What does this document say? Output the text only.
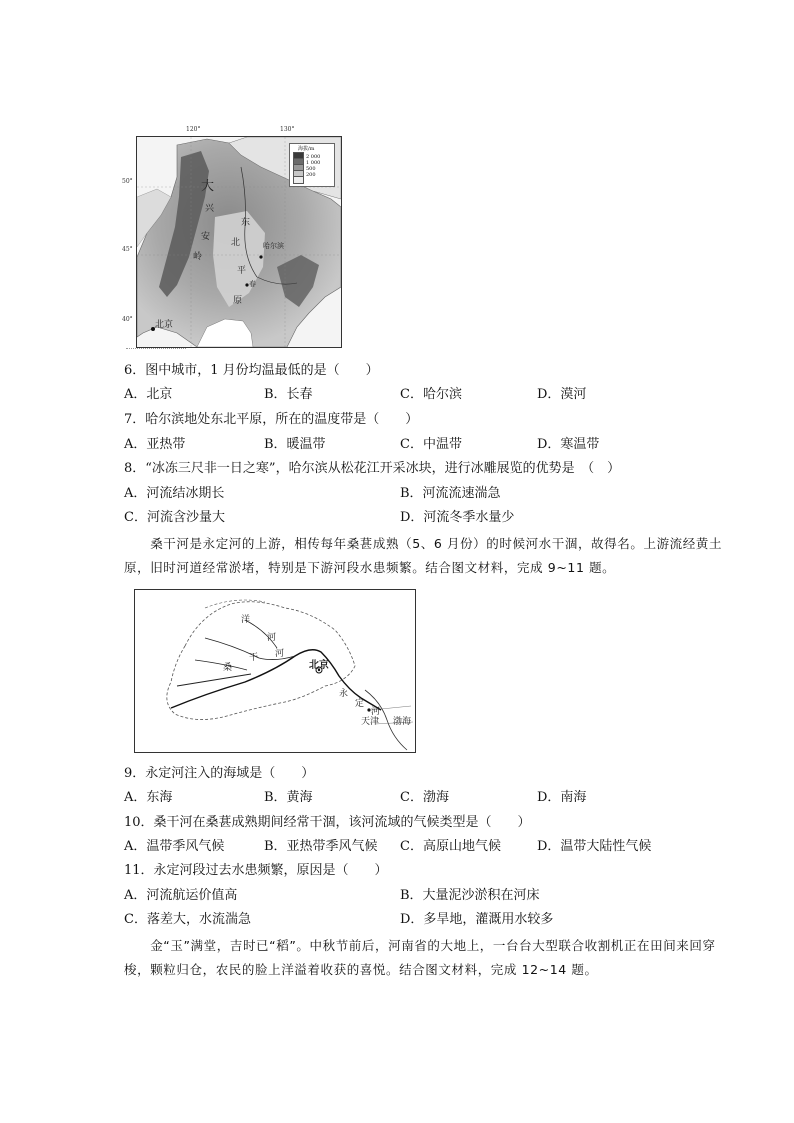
120°	130°
海拔/m
2 000
1 000
500
200
大
兴
安
岭
东
北	哈尔滨
平
春
原
北京
50°
45°
40°
6．图中城市，1 月份均温最低的是（　　）
A．北京	B．长春	C．哈尔滨	D．漠河
7．哈尔滨地处东北平原，所在的温度带是（　　）
A．亚热带	B．暖温带	C．中温带	D．寒温带
8．“冰冻三尺非一日之寒”，哈尔滨从松花江开采冰块，进行冰雕展览的优势是　（　）
A．河流结冰期长	B．河流流速湍急
C．河流含沙量大	D．河流冬季水量少
　　桑干河是永定河的上游，相传每年桑葚成熟（5、6 月份）的时候河水干涸，故得名。上游流经黄土
原，旧时河道经常淤堵，特别是下游河段水患频繁。结合图文材料，完成 9~11 题。
洋
河
桑
干 河
北京
永
定
河
天津 渤海
9．永定河注入的海域是（　　）
A．东海	B．黄海	C．渤海	D．南海
10．桑干河在桑葚成熟期间经常干涸，该河流域的气候类型是（　　）
A．温带季风气候	B．亚热带季风气候 C．高原山地气候	D．温带大陆性气候
11．永定河段过去水患频繁，原因是（　　）
A．河流航运价值高	B．大量泥沙淤积在河床
C．落差大，水流湍急	D．多旱地，灌溉用水较多
　　金“玉”满堂，吉时已“稻”。中秋节前后，河南省的大地上，一台台大型联合收割机正在田间来回穿
梭，颗粒归仓，农民的脸上洋溢着收获的喜悦。结合图文材料，完成 12~14 题。
